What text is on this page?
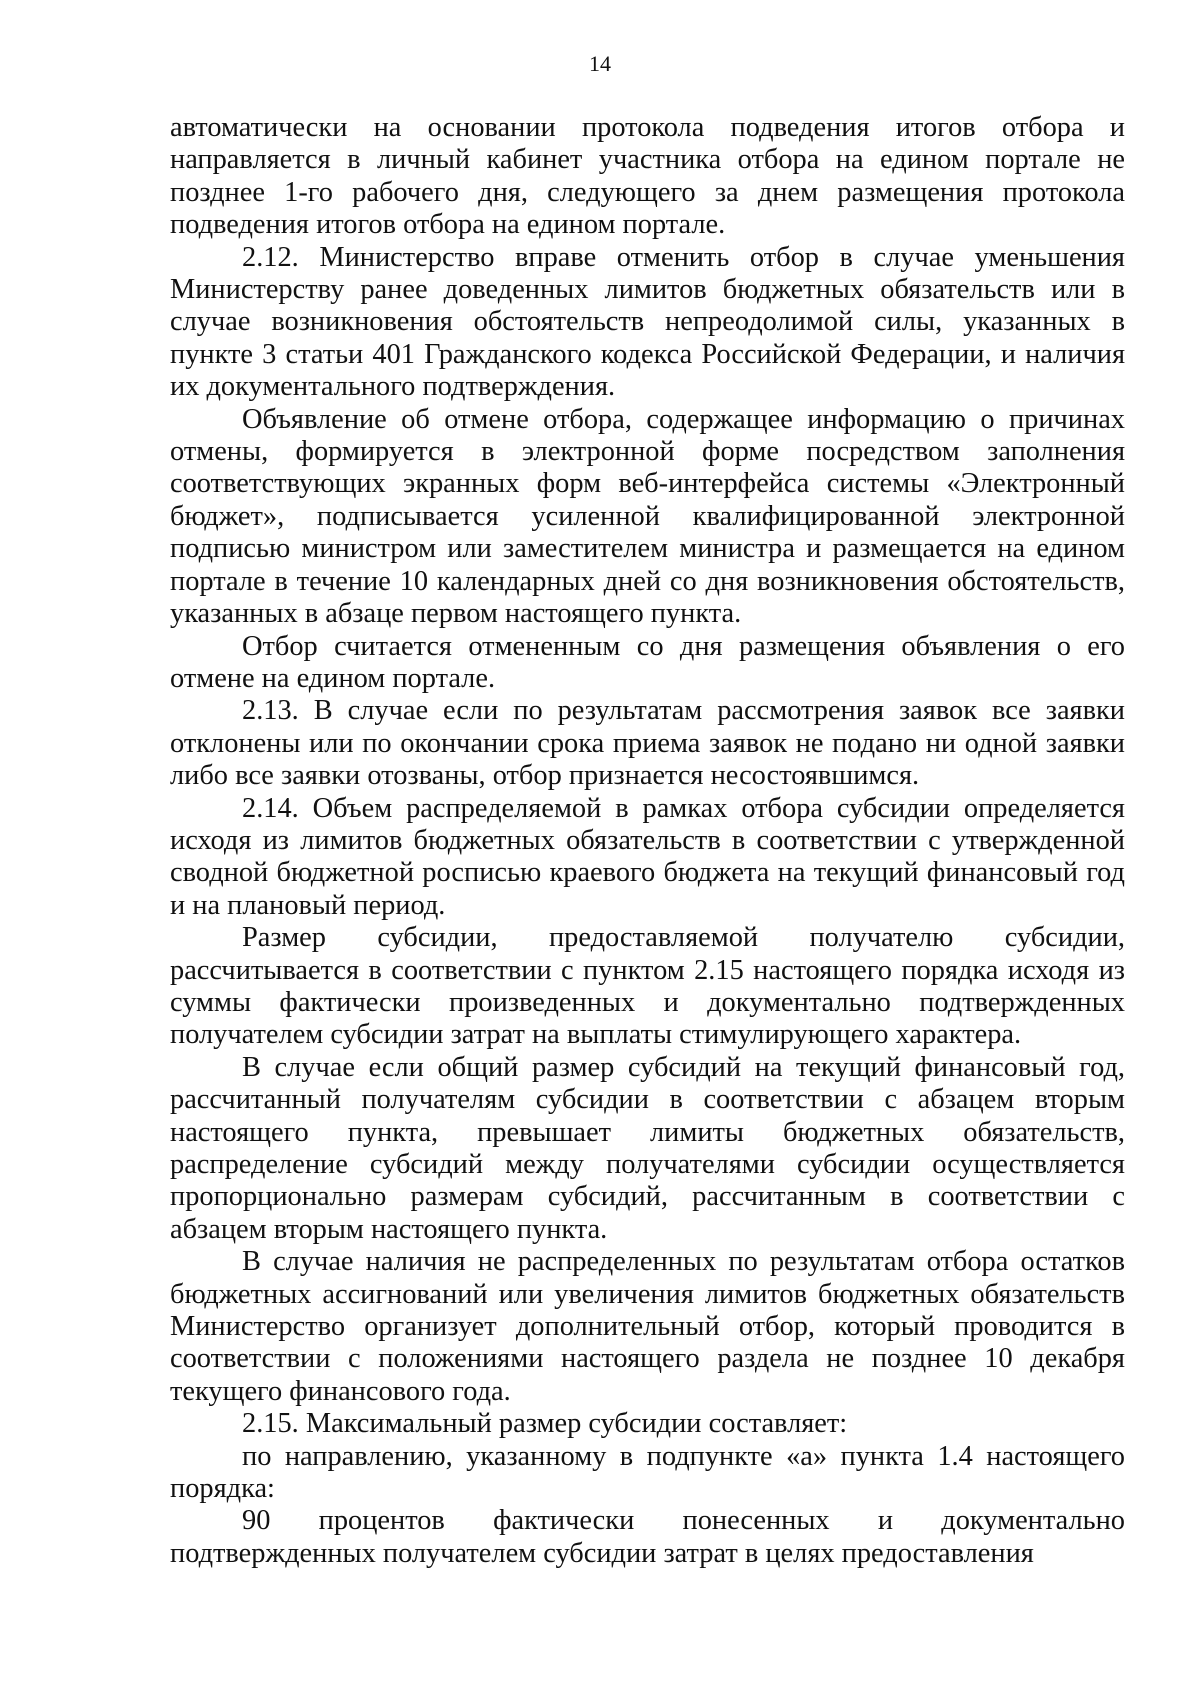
14

автоматически на основании протокола подведения итогов отбора и направляется в личный кабинет участника отбора на едином портале не позднее 1-го рабочего дня, следующего за днем размещения протокола подведения итогов отбора на едином портале.

2.12. Министерство вправе отменить отбор в случае уменьшения Министерству ранее доведенных лимитов бюджетных обязательств или в случае возникновения обстоятельств непреодолимой силы, указанных в пункте 3 статьи 401 Гражданского кодекса Российской Федерации, и наличия их документального подтверждения.

Объявление об отмене отбора, содержащее информацию о причинах отмены, формируется в электронной форме посредством заполнения соответствующих экранных форм веб-интерфейса системы «Электронный бюджет», подписывается усиленной квалифицированной электронной подписью министром или заместителем министра и размещается на едином портале в течение 10 календарных дней со дня возникновения обстоятельств, указанных в абзаце первом настоящего пункта.

Отбор считается отмененным со дня размещения объявления о его отмене на едином портале.

2.13. В случае если по результатам рассмотрения заявок все заявки отклонены или по окончании срока приема заявок не подано ни одной заявки либо все заявки отозваны, отбор признается несостоявшимся.

2.14. Объем распределяемой в рамках отбора субсидии определяется исходя из лимитов бюджетных обязательств в соответствии с утвержденной сводной бюджетной росписью краевого бюджета на текущий финансовый год и на плановый период.

Размер субсидии, предоставляемой получателю субсидии, рассчитывается в соответствии с пунктом 2.15 настоящего порядка исходя из суммы фактически произведенных и документально подтвержденных получателем субсидии затрат на выплаты стимулирующего характера.

В случае если общий размер субсидий на текущий финансовый год, рассчитанный получателям субсидии в соответствии с абзацем вторым настоящего пункта, превышает лимиты бюджетных обязательств, распределение субсидий между получателями субсидии осуществляется пропорционально размерам субсидий, рассчитанным в соответствии с абзацем вторым настоящего пункта.

В случае наличия не распределенных по результатам отбора остатков бюджетных ассигнований или увеличения лимитов бюджетных обязательств Министерство организует дополнительный отбор, который проводится в соответствии с положениями настоящего раздела не позднее 10 декабря текущего финансового года.

2.15. Максимальный размер субсидии составляет:

по направлению, указанному в подпункте «а» пункта 1.4 настоящего порядка:

90 процентов фактически понесенных и документально подтвержденных получателем субсидии затрат в целях предоставления
